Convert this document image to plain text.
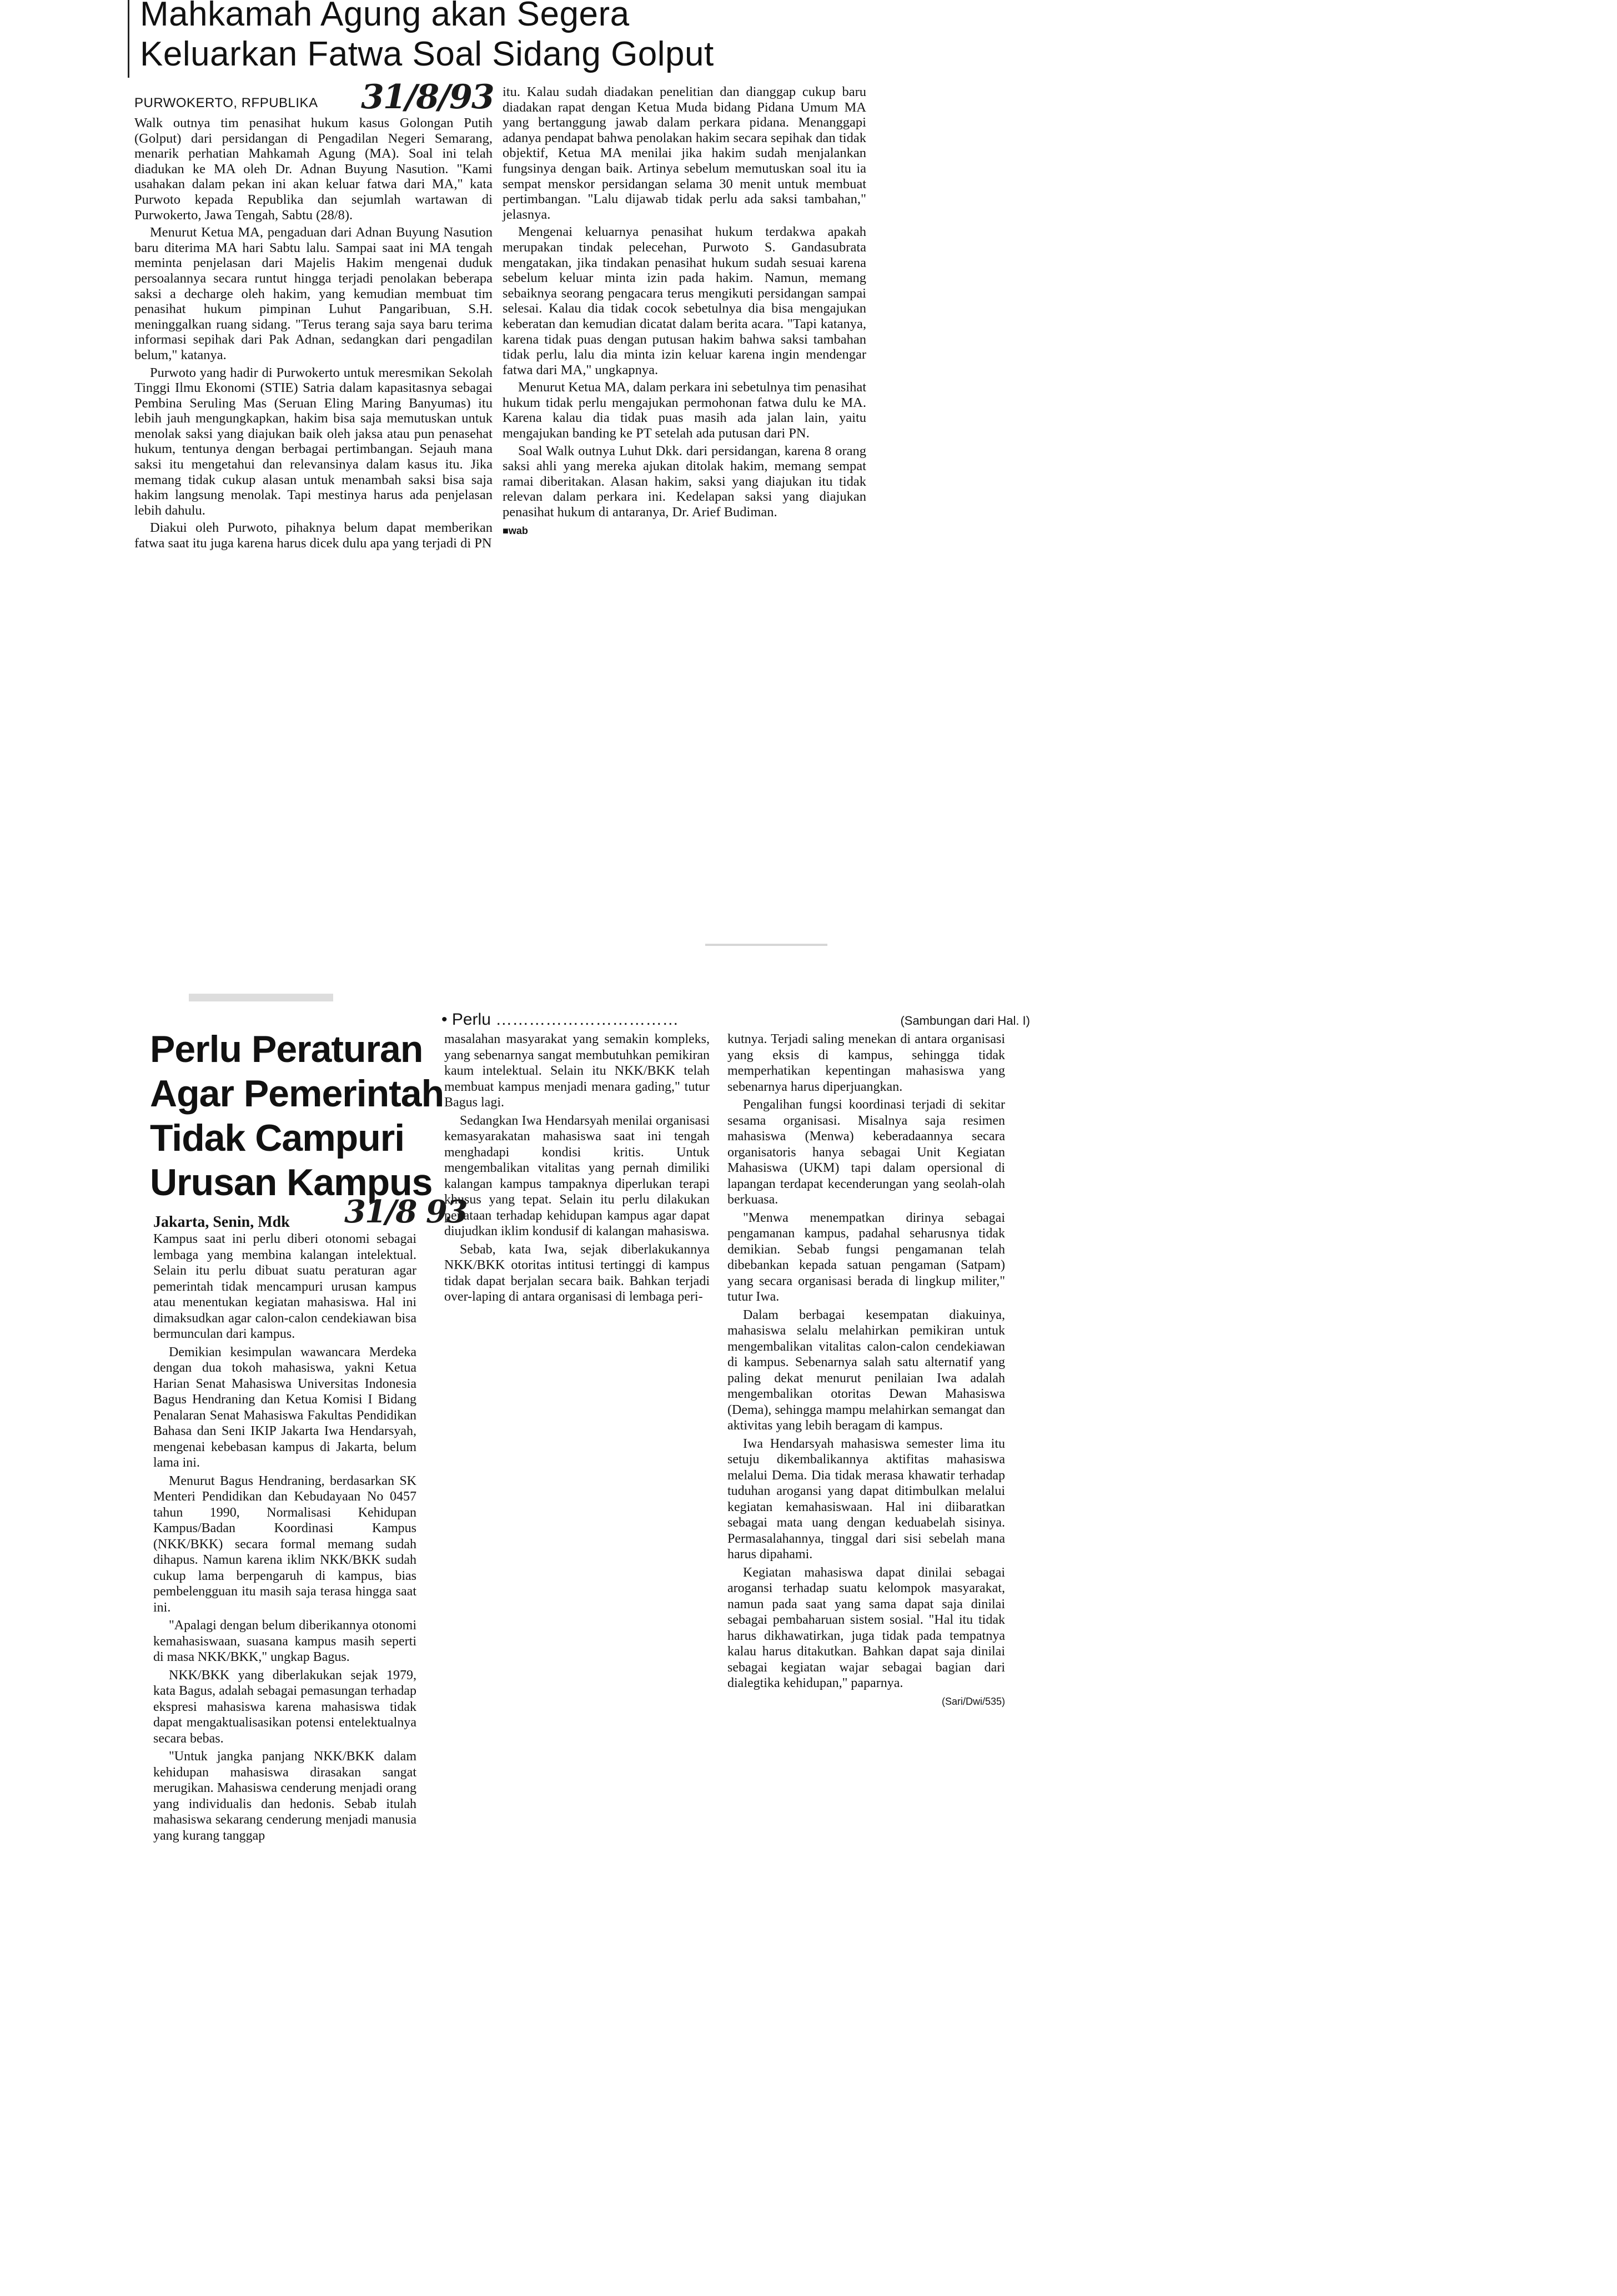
Mahkamah Agung akan Segera
Keluarkan Fatwa Soal Sidang Golput
PURWOKERTO, RFPUBLIKA 31/8/93

Walk outnya tim penasihat hukum kasus Golongan Putih (Golput) dari persidangan di Pengadilan Negeri Semarang, menarik perhatian Mahkamah Agung (MA). Soal ini telah diadukan ke MA oleh Dr. Adnan Buyung Nasution. "Kami usahakan dalam pekan ini akan keluar fatwa dari MA," kata Purwoto kepada Republika dan sejumlah wartawan di Purwokerto, Jawa Tengah, Sabtu (28/8).

Menurut Ketua MA, pengaduan dari Adnan Buyung Nasution baru diterima MA hari Sabtu lalu. Sampai saat ini MA tengah meminta penjelasan dari Majelis Hakim mengenai duduk persoalannya secara runtut hingga terjadi penolakan beberapa saksi a decharge oleh hakim, yang kemudian membuat tim penasihat hukum pimpinan Luhut Pangaribuan, S.H. meninggalkan ruang sidang. "Terus terang saja saya baru terima informasi sepihak dari Pak Adnan, sedangkan dari pengadilan belum," katanya.

Purwoto yang hadir di Purwokerto untuk meresmikan Sekolah Tinggi Ilmu Ekonomi (STIE) Satria dalam kapasitasnya sebagai Pembina Seruling Mas (Seruan Eling Maring Banyumas) itu lebih jauh mengungkapkan, hakim bisa saja memutuskan untuk menolak saksi yang diajukan baik oleh jaksa atau pun penasehat hukum, tentunya dengan berbagai pertimbangan. Sejauh mana saksi itu mengetahui dan relevansinya dalam kasus itu. Jika memang tidak cukup alasan untuk menambah saksi bisa saja hakim langsung menolak. Tapi mestinya harus ada penjelasan lebih dahulu.

Diakui oleh Purwoto, pihaknya belum dapat memberikan fatwa saat itu juga karena harus dicek dulu apa yang terjadi di PN

itu. Kalau sudah diadakan penelitian dan dianggap cukup baru diadakan rapat dengan Ketua Muda bidang Pidana Umum MA yang bertanggung jawab dalam perkara pidana. Menanggapi adanya pendapat bahwa penolakan hakim secara sepihak dan tidak objektif, Ketua MA menilai jika hakim sudah menjalankan fungsinya dengan baik. Artinya sebelum memutuskan soal itu ia sempat menskor persidangan selama 30 menit untuk membuat pertimbangan. "Lalu dijawab tidak perlu ada saksi tambahan," jelasnya.

Mengenai keluarnya penasihat hukum terdakwa apakah merupakan tindak pelecehan, Purwoto S. Gandasubrata mengatakan, jika tindakan penasihat hukum sudah sesuai karena sebelum keluar minta izin pada hakim. Namun, memang sebaiknya seorang pengacara terus mengikuti persidangan sampai selesai. Kalau dia tidak cocok sebetulnya dia bisa mengajukan keberatan dan kemudian dicatat dalam berita acara. "Tapi katanya, karena tidak puas dengan putusan hakim bahwa saksi tambahan tidak perlu, lalu dia minta izin keluar karena ingin mendengar fatwa dari MA," ungkapnya.

Menurut Ketua MA, dalam perkara ini sebetulnya tim penasihat hukum tidak perlu mengajukan permohonan fatwa dulu ke MA. Karena kalau dia tidak puas masih ada jalan lain, yaitu mengajukan banding ke PT setelah ada putusan dari PN.

Soal Walk outnya Luhut Dkk. dari persidangan, karena 8 orang saksi ahli yang mereka ajukan ditolak hakim, memang sempat ramai diberitakan. Alasan hakim, saksi yang diajukan itu tidak relevan dalam perkara ini. Kedelapan saksi yang diajukan penasihat hukum di antaranya, Dr. Arief Budiman.

■wab
Perlu Peraturan
Agar Pemerintah
Tidak Campuri
Urusan Kampus
Jakarta, Senin, Mdk 31/8 93

Kampus saat ini perlu diberi otonomi sebagai lembaga yang membina kalangan intelektual. Selain itu perlu dibuat suatu peraturan agar pemerintah tidak mencampuri urusan kampus atau menentukan kegiatan mahasiswa. Hal ini dimaksudkan agar calon-calon cendekiawan bisa bermunculan dari kampus.

Demikian kesimpulan wawancara Merdeka dengan dua tokoh mahasiswa, yakni Ketua Harian Senat Mahasiswa Universitas Indonesia Bagus Hendraning dan Ketua Komisi I Bidang Penalaran Senat Mahasiswa Fakultas Pendidikan Bahasa dan Seni IKIP Jakarta Iwa Hendarsyah, mengenai kebebasan kampus di Jakarta, belum lama ini.

Menurut Bagus Hendraning, berdasarkan SK Menteri Pendidikan dan Kebudayaan No 0457 tahun 1990, Normalisasi Kehidupan Kampus/Badan Koordinasi Kampus (NKK/BKK) secara formal memang sudah dihapus. Namun karena iklim NKK/BKK sudah cukup lama berpengaruh di kampus, bias pembelengguan itu masih saja terasa hingga saat ini.

"Apalagi dengan belum diberikannya otonomi kemahasiswaan, suasana kampus masih seperti di masa NKK/BKK," ungkap Bagus.

NKK/BKK yang diberlakukan sejak 1979, kata Bagus, adalah sebagai pemasungan terhadap ekspresi mahasiswa karena mahasiswa tidak dapat mengaktualisasikan potensi entelektualnya secara bebas.

"Untuk jangka panjang NKK/BKK dalam kehidupan mahasiswa dirasakan sangat merugikan. Mahasiswa cenderung menjadi orang yang individualis dan hedonis. Sebab itulah mahasiswa sekarang cenderung menjadi manusia yang kurang tanggap

• Perlu ……………………………	(Sambungan dari Hal. I)

masalahan masyarakat yang semakin kompleks, yang sebenarnya sangat membutuhkan pemikiran kaum intelektual. Selain itu NKK/BKK telah membuat kampus menjadi menara gading," tutur Bagus lagi.

Sedangkan Iwa Hendarsyah menilai organisasi kemasyarakatan mahasiswa saat ini tengah menghadapi kondisi kritis. Untuk mengembalikan vitalitas yang pernah dimiliki kalangan kampus tampaknya diperlukan terapi khusus yang tepat. Selain itu perlu dilakukan penataan terhadap kehidupan kampus agar dapat diujudkan iklim kondusif di kalangan mahasiswa.

Sebab, kata Iwa, sejak diberlakukannya NKK/BKK otoritas intitusi tertinggi di kampus tidak dapat berjalan secara baik. Bahkan terjadi over-laping di antara organisasi di lembaga peri-

kutnya. Terjadi saling menekan di antara organisasi yang eksis di kampus, sehingga tidak memperhatikan kepentingan mahasiswa yang sebenarnya harus diperjuangkan.

Pengalihan fungsi koordinasi terjadi di sekitar sesama organisasi. Misalnya saja resimen mahasiswa (Menwa) keberadaannya secara organisatoris hanya sebagai Unit Kegiatan Mahasiswa (UKM) tapi dalam opersional di lapangan terdapat kecenderungan yang seolah-olah berkuasa.

"Menwa menempatkan dirinya sebagai pengamanan kampus, padahal seharusnya tidak demikian. Sebab fungsi pengamanan telah dibebankan kepada satuan pengaman (Satpam) yang secara organisasi berada di lingkup militer," tutur Iwa.

Dalam berbagai kesempatan diakuinya, mahasiswa selalu melahirkan pemikiran untuk mengembalikan vitalitas calon-calon cendekiawan di kampus. Sebenarnya salah satu alternatif yang paling dekat menurut penilaian Iwa adalah mengembalikan otoritas Dewan Mahasiswa (Dema), sehingga mampu melahirkan semangat dan aktivitas yang lebih beragam di kampus.

Iwa Hendarsyah mahasiswa semester lima itu setuju dikembalikannya aktifitas mahasiswa melalui Dema. Dia tidak merasa khawatir terhadap tuduhan arogansi yang dapat ditimbulkan melalui kegiatan kemahasiswaan. Hal ini diibaratkan sebagai mata uang dengan keduabelah sisinya. Permasalahannya, tinggal dari sisi sebelah mana harus dipahami.

Kegiatan mahasiswa dapat dinilai sebagai arogansi terhadap suatu kelompok masyarakat, namun pada saat yang sama dapat saja dinilai sebagai pembaharuan sistem sosial. "Hal itu tidak harus dikhawatirkan, juga tidak pada tempatnya kalau harus ditakutkan. Bahkan dapat saja dinilai sebagai kegiatan wajar sebagai bagian dari dialegtika kehidupan," paparnya.

(Sari/Dwi/535)
